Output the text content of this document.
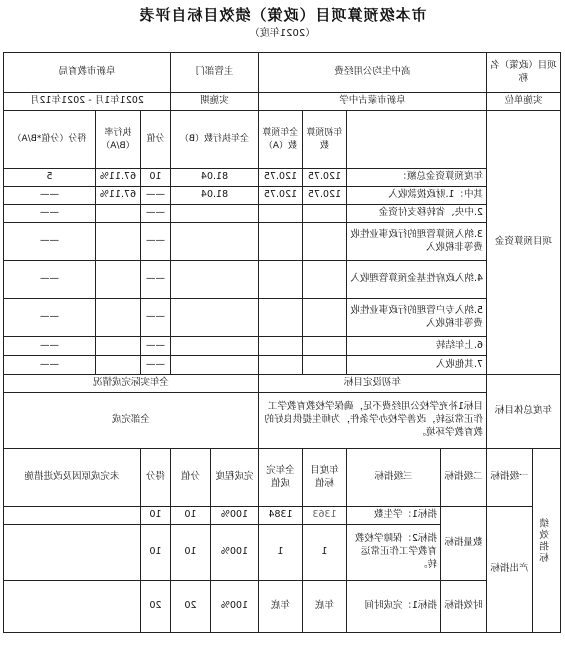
市本级预算项目（政策）绩效目标自评表
（2021年度）
项目（政策）名称		高中生均公用经费				主管部门		阜新市教育局		
实施单位		阜新市蒙古中学				实施期		2021年1月 - 2021年12月		
项目预算资金				年初预算数	全年预算数（A）	全年执行数（B）		分值	执行率（B/A）	得分（分值*B/A）
		年度预算资金总额：		120.75	120.75	81.04		10	67.11%	5
		其中：1.财政拨款收入		120.75	120.75	81.04		——	67.11%	——
		2.中央、省转移支付资金						——		——
		3.纳入预算管理的行政事业性收费等非税收入						——		——
		4.纳入政府性基金预算管理收入						——		——
		5.纳入专户管理的行政事业性收费等非税收入						——		——
		6.上年结转						——		——
		7.其他收入						——		——
年度总体目标		年初设定目标				全年实际完成情况				
		目标1补充学校公用经费不足，确保学校教育教学工作正常运转，改善学校办学条件，为师生提供良好的教育教学环境。				全部完成				
绩效指标	一级指标	二级指标	三级指标	年度目标值	全年完成值	完成程度	分值	得分	未完成原因及改进措施	
	产出指标	数量指标	指标1：学生数	1363	1384	100%	10	10		
			指标2：保障学校教育教学工作正常运转。	1	1	100%	10	10		
		时效指标	指标1：完成时间	年底	年底	100%	20	20		
